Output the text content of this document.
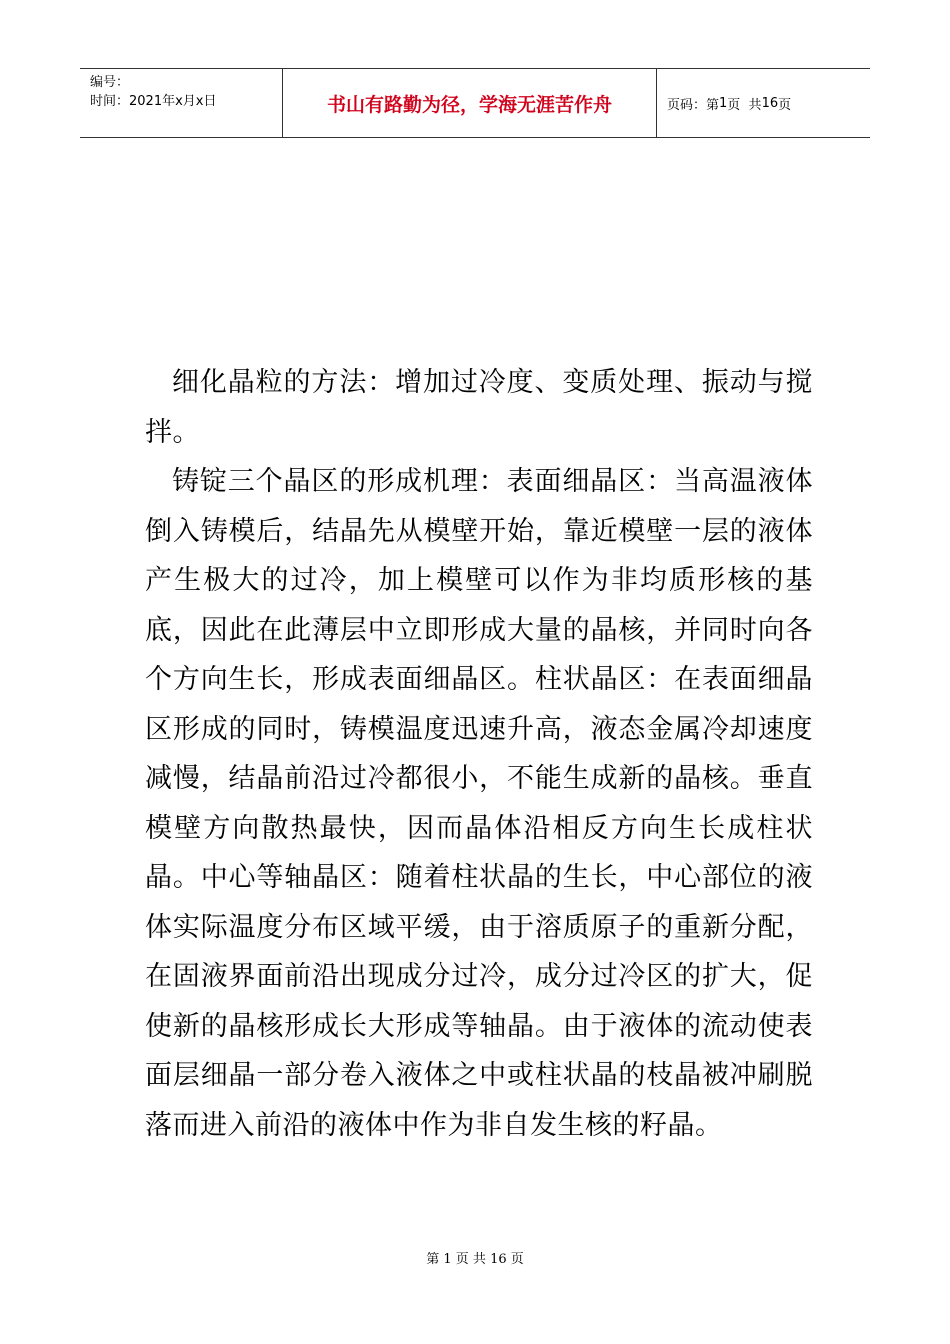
编号：
时间：2021年x月x日	书山有路勤为径，学海无涯苦作舟	页码：第 1 页  共 16 页

细化晶粒的方法：增加过冷度、变质处理、振动与搅拌。

铸锭三个晶区的形成机理：表面细晶区：当高温液体倒入铸模后，结晶先从模壁开始，靠近模壁一层的液体产生极大的过冷，加上模壁可以作为非均质形核的基底，因此在此薄层中立即形成大量的晶核，并同时向各个方向生长，形成表面细晶区。柱状晶区：在表面细晶区形成的同时，铸模温度迅速升高，液态金属冷却速度减慢，结晶前沿过冷都很小，不能生成新的晶核。垂直模壁方向散热最快，因而晶体沿相反方向生长成柱状晶。中心等轴晶区：随着柱状晶的生长，中心部位的液体实际温度分布区域平缓，由于溶质原子的重新分配，在固液界面前沿出现成分过冷，成分过冷区的扩大，促使新的晶核形成长大形成等轴晶。由于液体的流动使表面层细晶一部分卷入液体之中或柱状晶的枝晶被冲刷脱落而进入前沿的液体中作为非自发生核的籽晶。

第 1 页 共 16 页
